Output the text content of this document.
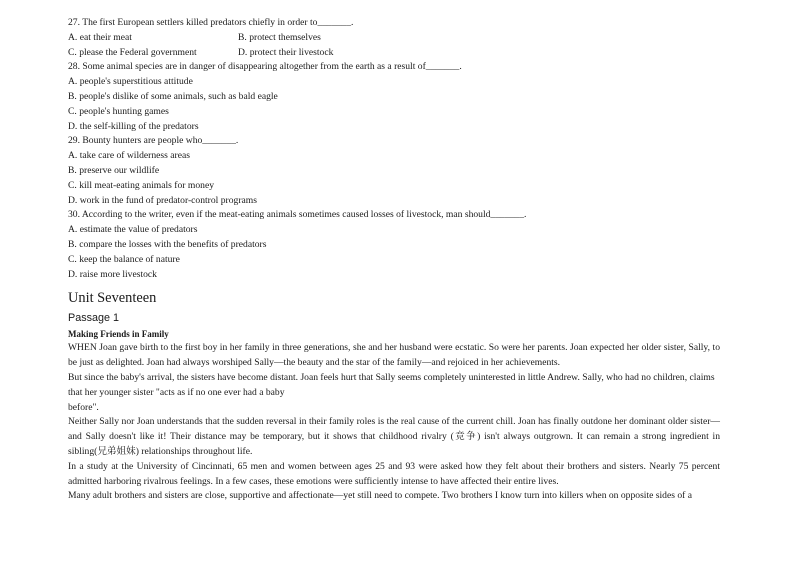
27. The first European settlers killed predators chiefly in order to_______.
A. eat their meat	B. protect themselves
C. please the Federal government	D. protect their livestock
28. Some animal species are in danger of disappearing altogether from the earth as a result of_______.
A. people's superstitious attitude
B. people's dislike of some animals, such as bald eagle
C. people's hunting games
D. the self-killing of the predators
29. Bounty hunters are people who_______.
A. take care of wilderness areas
B. preserve our wildlife
C. kill meat-eating animals for money
D. work in the fund of predator-control programs
30. According to the writer, even if the meat-eating animals sometimes caused losses of livestock, man should_______.
A. estimate the value of predators
B. compare the losses with the benefits of predators
C. keep the balance of nature
D. raise more livestock
Unit Seventeen
Passage 1
Making Friends in Family
WHEN Joan gave birth to the first boy in her family in three generations, she and her husband were ecstatic. So were her parents. Joan expected her older sister, Sally, to be just as delighted. Joan had always worshiped Sally—the beauty and the star of the family—and rejoiced in her achievements.
But since the baby's arrival, the sisters have become distant. Joan feels hurt that Sally seems completely uninterested in little Andrew. Sally, who had no children, claims that her younger sister "acts as if no one ever had a baby
before".
Neither Sally nor Joan understands that the sudden reversal in their family roles is the real cause of the current chill. Joan has finally outdone her dominant older sister—and Sally doesn't like it! Their distance may be temporary, but it shows that childhood rivalry (竞争) isn't always outgrown. It can remain a strong ingredient in sibling(兄弟姐妹) relationships throughout life.
In a study at the University of Cincinnati, 65 men and women between ages 25 and 93 were asked how they felt about their brothers and sisters. Nearly 75 percent admitted harboring rivalrous feelings. In a few cases, these emotions were sufficiently intense to have affected their entire lives.
Many adult brothers and sisters are close, supportive and affectionate—yet still need to compete. Two brothers I know turn into killers when on opposite sides of a
